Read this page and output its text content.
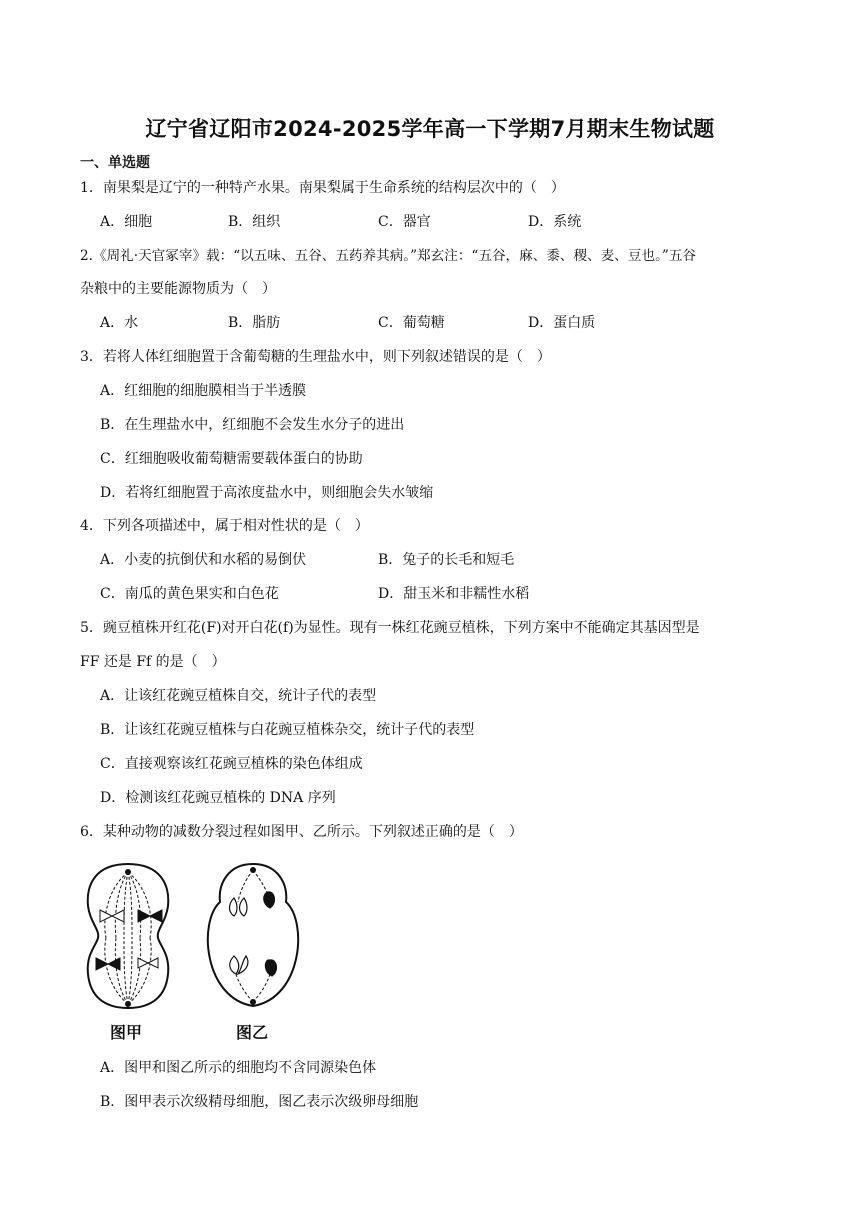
辽宁省辽阳市2024-2025学年高一下学期7月期末生物试题
一、单选题
1．南果梨是辽宁的一种特产水果。南果梨属于生命系统的结构层次中的（　）
A．细胞	B．组织	C．器官	D．系统
2.《周礼·天官冢宰》载：“以五味、五谷、五药养其病。”郑玄注：“五谷，麻、黍、稷、麦、豆也。”五谷
杂粮中的主要能源物质为（　）
A．水	B．脂肪	C．葡萄糖	D．蛋白质
3．若将人体红细胞置于含葡萄糖的生理盐水中，则下列叙述错误的是（　）
A．红细胞的细胞膜相当于半透膜
B．在生理盐水中，红细胞不会发生水分子的进出
C．红细胞吸收葡萄糖需要载体蛋白的协助
D．若将红细胞置于高浓度盐水中，则细胞会失水皱缩
4．下列各项描述中，属于相对性状的是（　）
A．小麦的抗倒伏和水稻的易倒伏	B．兔子的长毛和短毛
C．南瓜的黄色果实和白色花	D．甜玉米和非糯性水稻
5．豌豆植株开红花(F)对开白花(f)为显性。现有一株红花豌豆植株，下列方案中不能确定其基因型是
FF 还是 Ff 的是（　）
A．让该红花豌豆植株自交，统计子代的表型
B．让该红花豌豆植株与白花豌豆植株杂交，统计子代的表型
C．直接观察该红花豌豆植株的染色体组成
D．检测该红花豌豆植株的 DNA 序列
6．某种动物的减数分裂过程如图甲、乙所示。下列叙述正确的是（　）
图甲	图乙
A．图甲和图乙所示的细胞均不含同源染色体
B．图甲表示次级精母细胞，图乙表示次级卵母细胞
